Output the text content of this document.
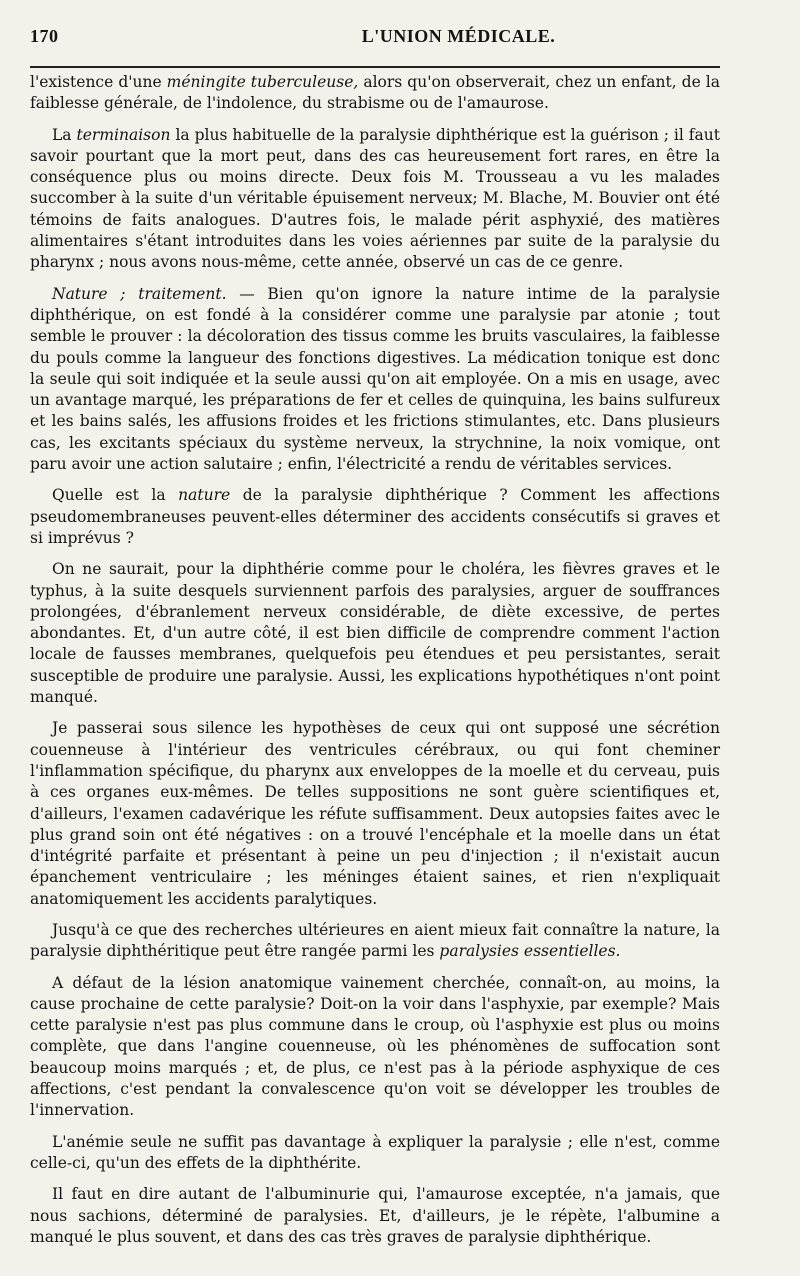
170	L'UNION MÉDICALE.

l'existence d'une méningite tuberculeuse, alors qu'on observerait, chez un enfant, de la faiblesse générale, de l'indolence, du strabisme ou de l'amaurose.

La terminaison la plus habituelle de la paralysie diphthérique est la guérison ; il faut savoir pourtant que la mort peut, dans des cas heureusement fort rares, en être la conséquence plus ou moins directe. Deux fois M. Trousseau a vu les malades succomber à la suite d'un véritable épuisement nerveux; M. Blache, M. Bouvier ont été témoins de faits analogues. D'autres fois, le malade périt asphyxié, des matières alimentaires s'étant introduites dans les voies aériennes par suite de la paralysie du pharynx ; nous avons nous-même, cette année, observé un cas de ce genre.

Nature ; traitement. — Bien qu'on ignore la nature intime de la paralysie diphthérique, on est fondé à la considérer comme une paralysie par atonie ; tout semble le prouver : la décoloration des tissus comme les bruits vasculaires, la faiblesse du pouls comme la langueur des fonctions digestives. La médication tonique est donc la seule qui soit indiquée et la seule aussi qu'on ait employée. On a mis en usage, avec un avantage marqué, les préparations de fer et celles de quinquina, les bains sulfureux et les bains salés, les affusions froides et les frictions stimulantes, etc. Dans plusieurs cas, les excitants spéciaux du système nerveux, la strychnine, la noix vomique, ont paru avoir une action salutaire ; enfin, l'électricité a rendu de véritables services.

Quelle est la nature de la paralysie diphthérique ? Comment les affections pseudomembraneuses peuvent-elles déterminer des accidents consécutifs si graves et si imprévus ?

On ne saurait, pour la diphthérie comme pour le choléra, les fièvres graves et le typhus, à la suite desquels surviennent parfois des paralysies, arguer de souffrances prolongées, d'ébranlement nerveux considérable, de diète excessive, de pertes abondantes. Et, d'un autre côté, il est bien difficile de comprendre comment l'action locale de fausses membranes, quelquefois peu étendues et peu persistantes, serait susceptible de produire une paralysie. Aussi, les explications hypothétiques n'ont point manqué.

Je passerai sous silence les hypothèses de ceux qui ont supposé une sécrétion couenneuse à l'intérieur des ventricules cérébraux, ou qui font cheminer l'inflammation spécifique, du pharynx aux enveloppes de la moelle et du cerveau, puis à ces organes eux-mêmes. De telles suppositions ne sont guère scientifiques et, d'ailleurs, l'examen cadavérique les réfute suffisamment. Deux autopsies faites avec le plus grand soin ont été négatives : on a trouvé l'encéphale et la moelle dans un état d'intégrité parfaite et présentant à peine un peu d'injection ; il n'existait aucun épanchement ventriculaire ; les méninges étaient saines, et rien n'expliquait anatomiquement les accidents paralytiques.

Jusqu'à ce que des recherches ultérieures en aient mieux fait connaître la nature, la paralysie diphthéritique peut être rangée parmi les paralysies essentielles.

A défaut de la lésion anatomique vainement cherchée, connaît-on, au moins, la cause prochaine de cette paralysie? Doit-on la voir dans l'asphyxie, par exemple? Mais cette paralysie n'est pas plus commune dans le croup, où l'asphyxie est plus ou moins complète, que dans l'angine couenneuse, où les phénomènes de suffocation sont beaucoup moins marqués ; et, de plus, ce n'est pas à la période asphyxique de ces affections, c'est pendant la convalescence qu'on voit se développer les troubles de l'innervation.

L'anémie seule ne suffit pas davantage à expliquer la paralysie ; elle n'est, comme celle-ci, qu'un des effets de la diphthérite.

Il faut en dire autant de l'albuminurie qui, l'amaurose exceptée, n'a jamais, que nous sachions, déterminé de paralysies. Et, d'ailleurs, je le répète, l'albumine a manqué le plus souvent, et dans des cas très graves de paralysie diphthérique.
